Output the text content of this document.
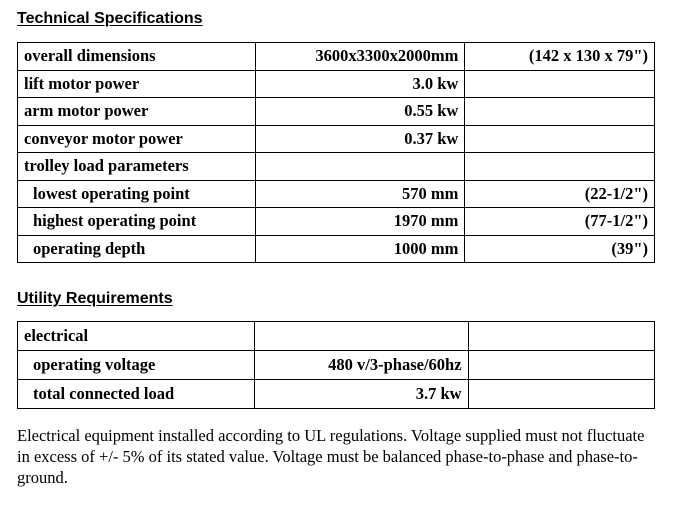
Technical Specifications
overall dimensions	3600x3300x2000mm	(142 x 130 x 79")
lift motor power	3.0 kw	
arm motor power	0.55 kw	
conveyor motor power	0.37 kw	
trolley load parameters		
lowest operating point	570 mm	(22-1/2")
highest operating point	1970 mm	(77-1/2")
operating depth	1000 mm	(39")
Utility Requirements
electrical		
operating voltage	480 v/3-phase/60hz	
total connected load	3.7 kw	

Electrical equipment installed according to UL regulations. Voltage supplied must not fluctuate in excess of +/- 5% of its stated value. Voltage must be balanced phase-to-phase and phase-to-ground.
